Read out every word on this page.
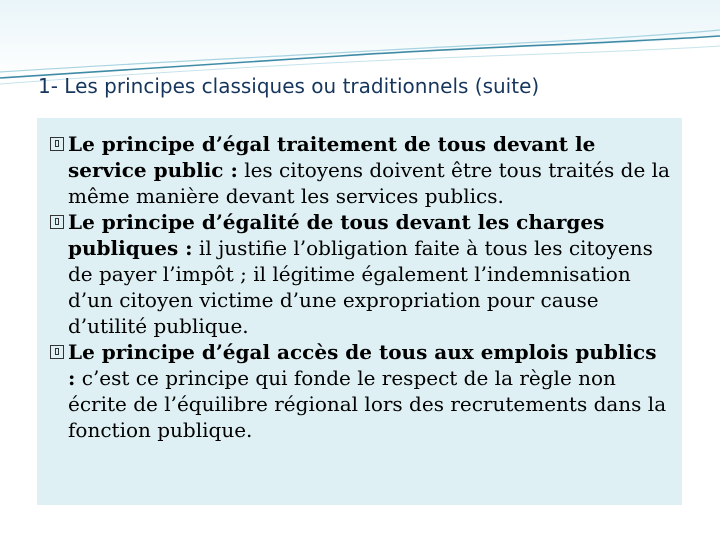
1- Les principes classiques ou traditionnels (suite)
Le principe d’égal traitement de tous devant le service public : les citoyens doivent être tous traités de la même manière devant les services publics.
Le principe d’égalité de tous devant les charges publiques : il justifie l’obligation faite à tous les citoyens de payer l’impôt ; il légitime également l’indemnisation d’un citoyen victime d’une expropriation pour cause d’utilité publique.
Le principe d’égal accès de tous aux emplois publics : c’est ce principe qui fonde le respect de la règle non écrite de l’équilibre régional lors des recrutements dans la fonction publique.
